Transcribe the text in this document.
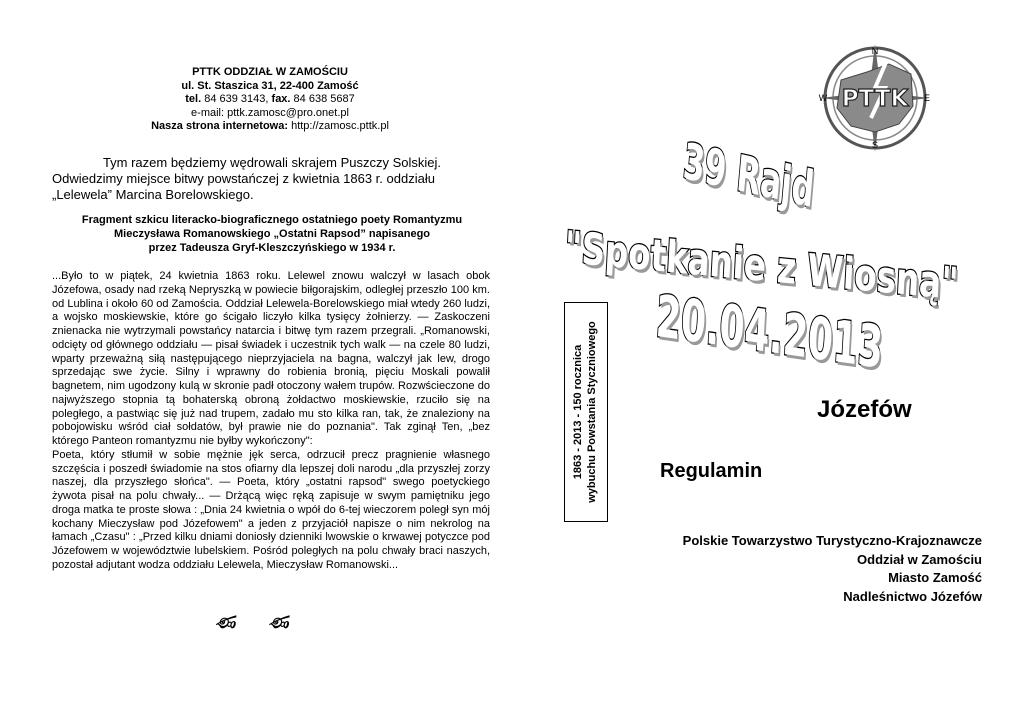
PTTK ODDZIAŁ W ZAMOŚCIU
ul. St. Staszica 31, 22-400 Zamość
tel. 84 639 3143, fax. 84 638 5687
e-mail: pttk.zamosc@pro.onet.pl
Nasza strona internetowa: http://zamosc.pttk.pl
Tym razem będziemy wędrowali skrajem Puszczy Solskiej.
Odwiedzimy miejsce bitwy powstańczej z kwietnia 1863 r. oddziału
„Lelewela” Marcina Borelowskiego.
Fragment szkicu literacko-biograficznego ostatniego poety Romantyzmu
Mieczysława Romanowskiego „Ostatni Rapsod” napisanego
przez Tadeusza Gryf-Kleszczyńskiego w 1934 r.
...Było to w piątek, 24 kwietnia 1863 roku. Lelewel znowu walczył w lasach obok Józefowa, osady nad rzeką Nepryszką w powiecie biłgorajskim, odległej przeszło 100 km. od Lublina i około 60 od Zamościa. Oddział Lelewela-Borelowskiego miał wtedy 260 ludzi, a wojsko moskiewskie, które go ścigało liczyło kilka tysięcy żołnierzy. — Zaskoczeni znienacka nie wytrzymali powstańcy natarcia i bitwę tym razem przegrali. „Romanowski, odcięty od głównego oddziału — pisał świadek i uczestnik tych walk — na czele 80 ludzi, wparty przeważną siłą następującego nieprzyjaciela na bagna, walczył jak lew, drogo sprzedając swe życie. Silny i wprawny do robienia bronią, pięciu Moskali powalił bagnetem, nim ugodzony kulą w skronie padł otoczony wałem trupów. Rozwścieczone do najwyższego stopnia tą bohaterską obroną żołdactwo moskiewskie, rzuciło się na poległego, a pastwiąc się już nad trupem, zadało mu sto kilka ran, tak, że znaleziony na pobojowisku wśród ciał sołdatów, był prawie nie do poznania". Tak zginął Ten, „bez którego Panteon romantyzmu nie byłby wykończony":
Poeta, który stłumił w sobie mężnie jęk serca, odrzucił precz pragnienie własnego szczęścia i poszedł świadomie na stos ofiarny dla lepszej doli narodu „dla przyszłej zorzy naszej, dla przyszłego słońca". — Poeta, który „ostatni rapsod" swego poetyckiego żywota pisał na polu chwały... — Drżącą więc ręką zapisuje w swym pamiętniku jego droga matka te proste słowa : „Dnia 24 kwietnia o wpół do 6-tej wieczorem poległ syn mój kochany Mieczysław pod Józefowem" a jeden z przyjaciół napisze o nim nekrolog na łamach „Czasu" : „Przed kilku dniami doniosły dzienniki lwowskie o krwawej potyczce pod Józefowem w województwie lubelskiem. Pośród poległych na polu chwały braci naszych, pozostał adjutant wodza oddziału Lelewela, Mieczysław Romanowski...
ණ ණ
PTTK
N
S
E
W
39 Rajd
"Spotkanie z Wiosną"
20.04.2013
1863 - 2013 - 150 rocznica wybuchu Powstania Styczniowego	Józefów
Regulamin
Polskie Towarzystwo Turystyczno-Krajoznawcze
Oddział w Zamościu
Miasto Zamość
Nadleśnictwo Józefów
